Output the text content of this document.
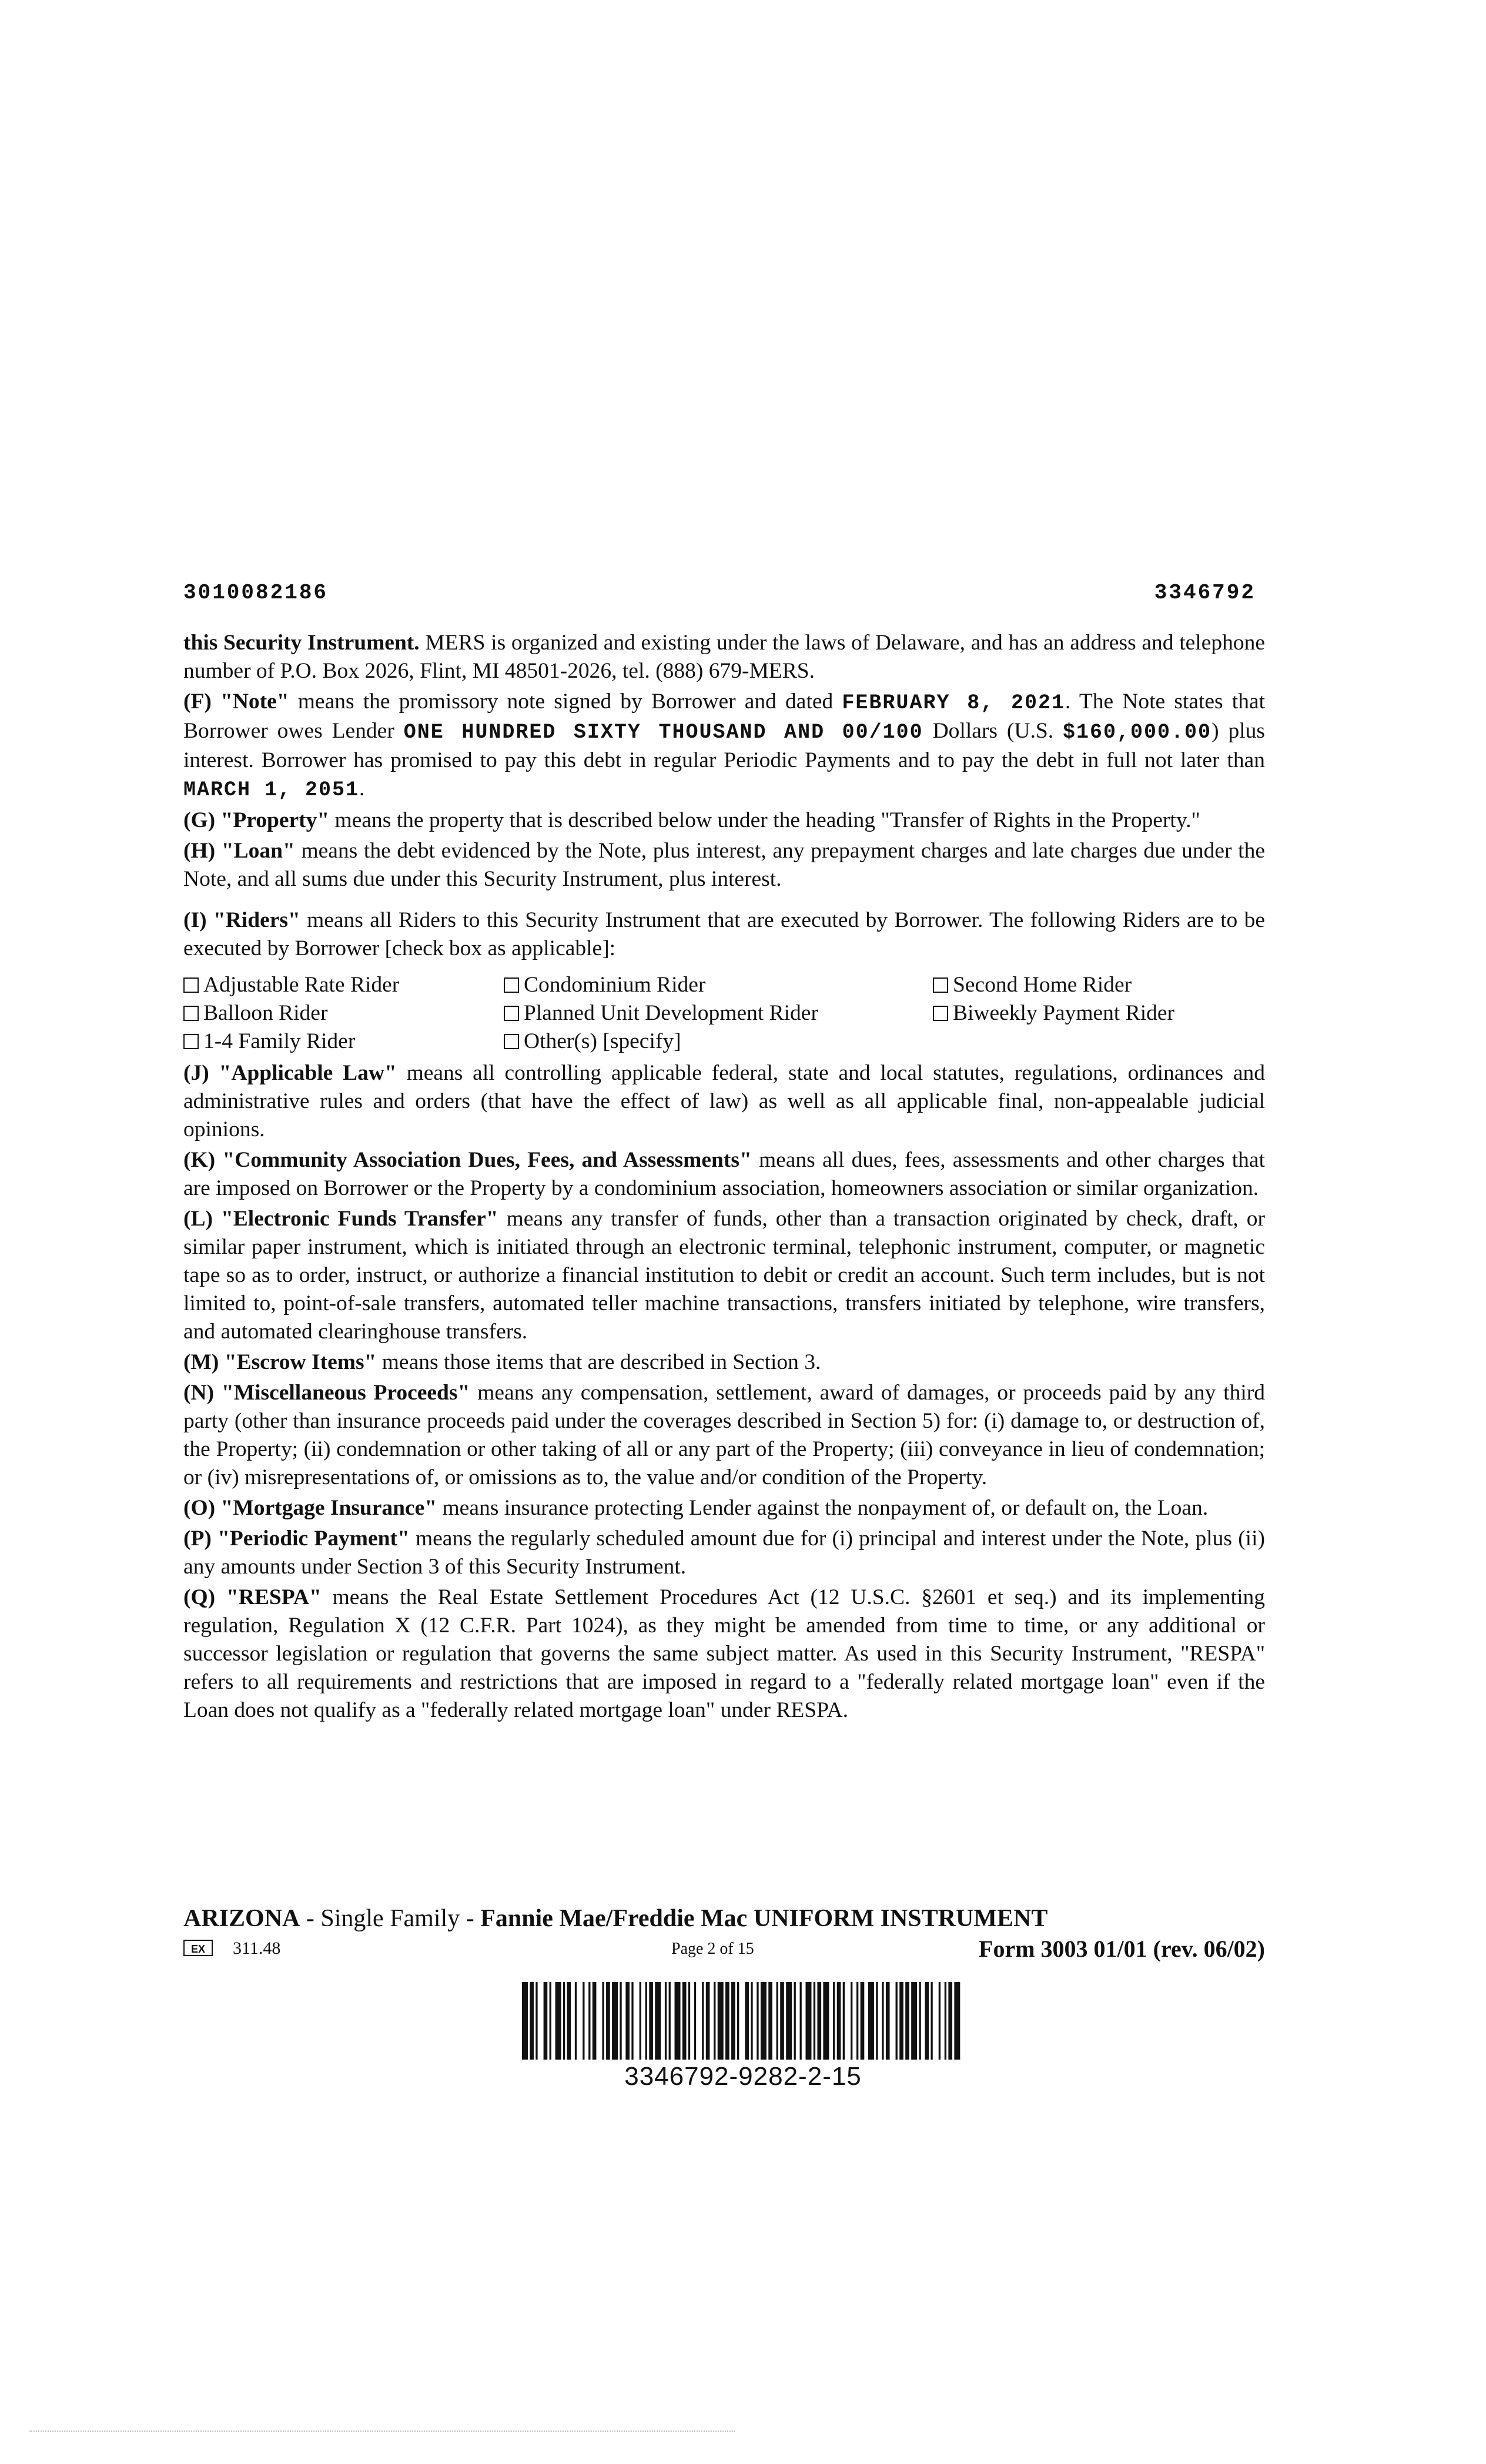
3010082186	3346792

this Security Instrument. MERS is organized and existing under the laws of Delaware, and has an address and telephone number of P.O. Box 2026, Flint, MI 48501-2026, tel. (888) 679-MERS.

(F) "Note" means the promissory note signed by Borrower and dated FEBRUARY 8, 2021. The Note states that Borrower owes Lender ONE HUNDRED SIXTY THOUSAND AND 00/100 Dollars (U.S. $160,000.00) plus interest. Borrower has promised to pay this debt in regular Periodic Payments and to pay the debt in full not later than MARCH 1, 2051.

(G) "Property" means the property that is described below under the heading "Transfer of Rights in the Property."

(H) "Loan" means the debt evidenced by the Note, plus interest, any prepayment charges and late charges due under the Note, and all sums due under this Security Instrument, plus interest.

(I) "Riders" means all Riders to this Security Instrument that are executed by Borrower. The following Riders are to be executed by Borrower [check box as applicable]:

Adjustable Rate Rider	Condominium Rider	Second Home Rider
Balloon Rider	Planned Unit Development Rider	Biweekly Payment Rider
1-4 Family Rider	Other(s) [specify]

(J) "Applicable Law" means all controlling applicable federal, state and local statutes, regulations, ordinances and administrative rules and orders (that have the effect of law) as well as all applicable final, non-appealable judicial opinions.

(K) "Community Association Dues, Fees, and Assessments" means all dues, fees, assessments and other charges that are imposed on Borrower or the Property by a condominium association, homeowners association or similar organization.

(L) "Electronic Funds Transfer" means any transfer of funds, other than a transaction originated by check, draft, or similar paper instrument, which is initiated through an electronic terminal, telephonic instrument, computer, or magnetic tape so as to order, instruct, or authorize a financial institution to debit or credit an account. Such term includes, but is not limited to, point-of-sale transfers, automated teller machine transactions, transfers initiated by telephone, wire transfers, and automated clearinghouse transfers.

(M) "Escrow Items" means those items that are described in Section 3.

(N) "Miscellaneous Proceeds" means any compensation, settlement, award of damages, or proceeds paid by any third party (other than insurance proceeds paid under the coverages described in Section 5) for: (i) damage to, or destruction of, the Property; (ii) condemnation or other taking of all or any part of the Property; (iii) conveyance in lieu of condemnation; or (iv) misrepresentations of, or omissions as to, the value and/or condition of the Property.

(O) "Mortgage Insurance" means insurance protecting Lender against the nonpayment of, or default on, the Loan.

(P) "Periodic Payment" means the regularly scheduled amount due for (i) principal and interest under the Note, plus (ii) any amounts under Section 3 of this Security Instrument.

(Q) "RESPA" means the Real Estate Settlement Procedures Act (12 U.S.C. §2601 et seq.) and its implementing regulation, Regulation X (12 C.F.R. Part 1024), as they might be amended from time to time, or any additional or successor legislation or regulation that governs the same subject matter. As used in this Security Instrument, "RESPA" refers to all requirements and restrictions that are imposed in regard to a "federally related mortgage loan" even if the Loan does not qualify as a "federally related mortgage loan" under RESPA.

ARIZONA - Single Family - Fannie Mae/Freddie Mac UNIFORM INSTRUMENT
EX	311.48	Page 2 of 15	Form 3003 01/01 (rev. 06/02)
3346792-9282-2-15
